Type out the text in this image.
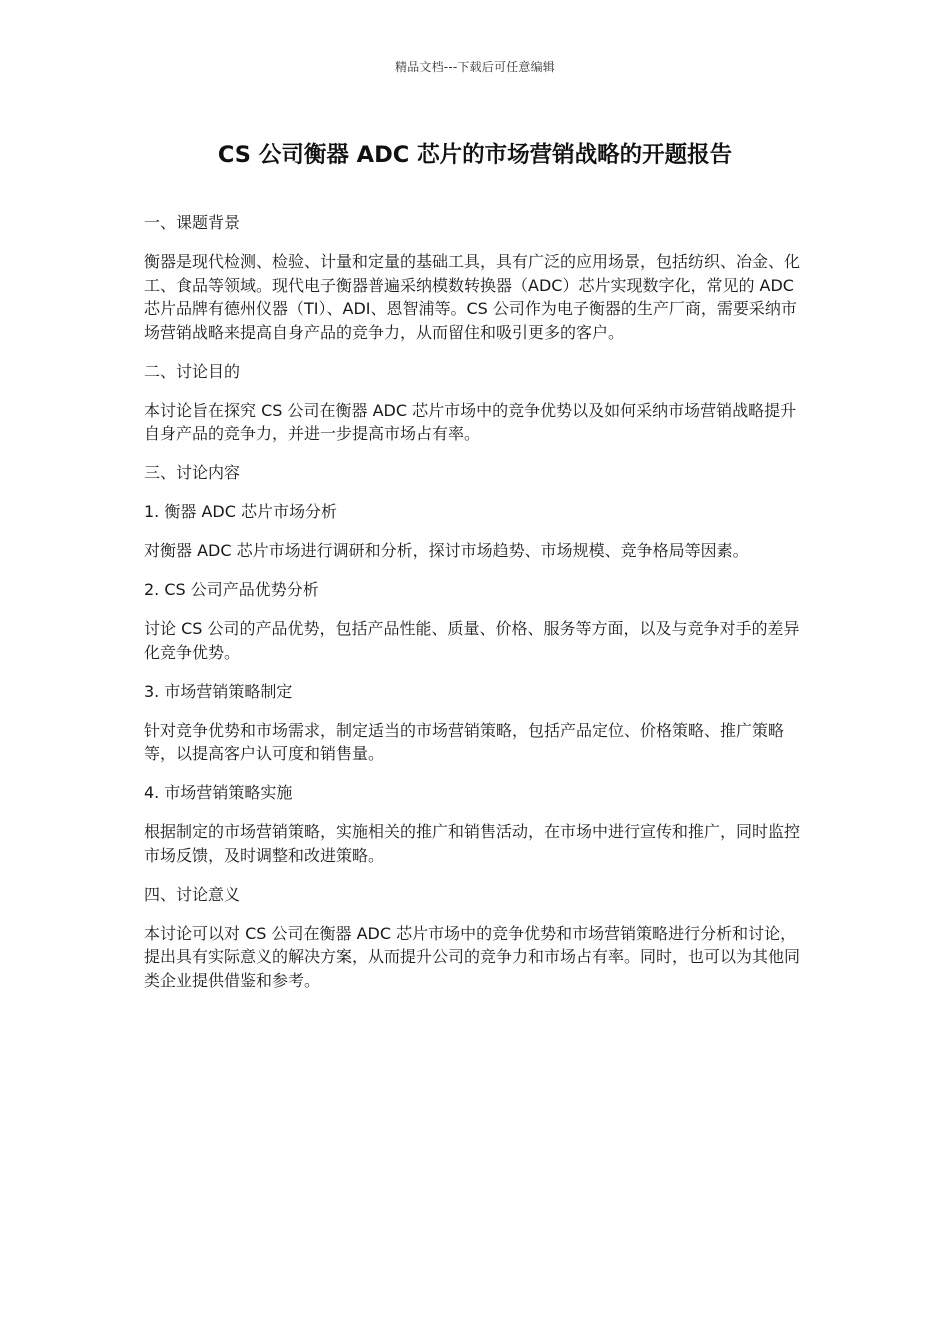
精品文档---下载后可任意编辑
CS 公司衡器 ADC 芯片的市场营销战略的开题报告

一、课题背景

衡器是现代检测、检验、计量和定量的基础工具，具有广泛的应用场景，包括纺织、冶金、化工、食品等领域。现代电子衡器普遍采纳模数转换器（ADC）芯片实现数字化，常见的 ADC 芯片品牌有德州仪器（TI）、ADI、恩智浦等。CS 公司作为电子衡器的生产厂商，需要采纳市场营销战略来提高自身产品的竞争力，从而留住和吸引更多的客户。

二、讨论目的

本讨论旨在探究 CS 公司在衡器 ADC 芯片市场中的竞争优势以及如何采纳市场营销战略提升自身产品的竞争力，并进一步提高市场占有率。

三、讨论内容

1. 衡器 ADC 芯片市场分析

对衡器 ADC 芯片市场进行调研和分析，探讨市场趋势、市场规模、竞争格局等因素。

2. CS 公司产品优势分析

讨论 CS 公司的产品优势，包括产品性能、质量、价格、服务等方面，以及与竞争对手的差异化竞争优势。

3. 市场营销策略制定

针对竞争优势和市场需求，制定适当的市场营销策略，包括产品定位、价格策略、推广策略等，以提高客户认可度和销售量。

4. 市场营销策略实施

根据制定的市场营销策略，实施相关的推广和销售活动，在市场中进行宣传和推广，同时监控市场反馈，及时调整和改进策略。

四、讨论意义

本讨论可以对 CS 公司在衡器 ADC 芯片市场中的竞争优势和市场营销策略进行分析和讨论，提出具有实际意义的解决方案，从而提升公司的竞争力和市场占有率。同时，也可以为其他同类企业提供借鉴和参考。
